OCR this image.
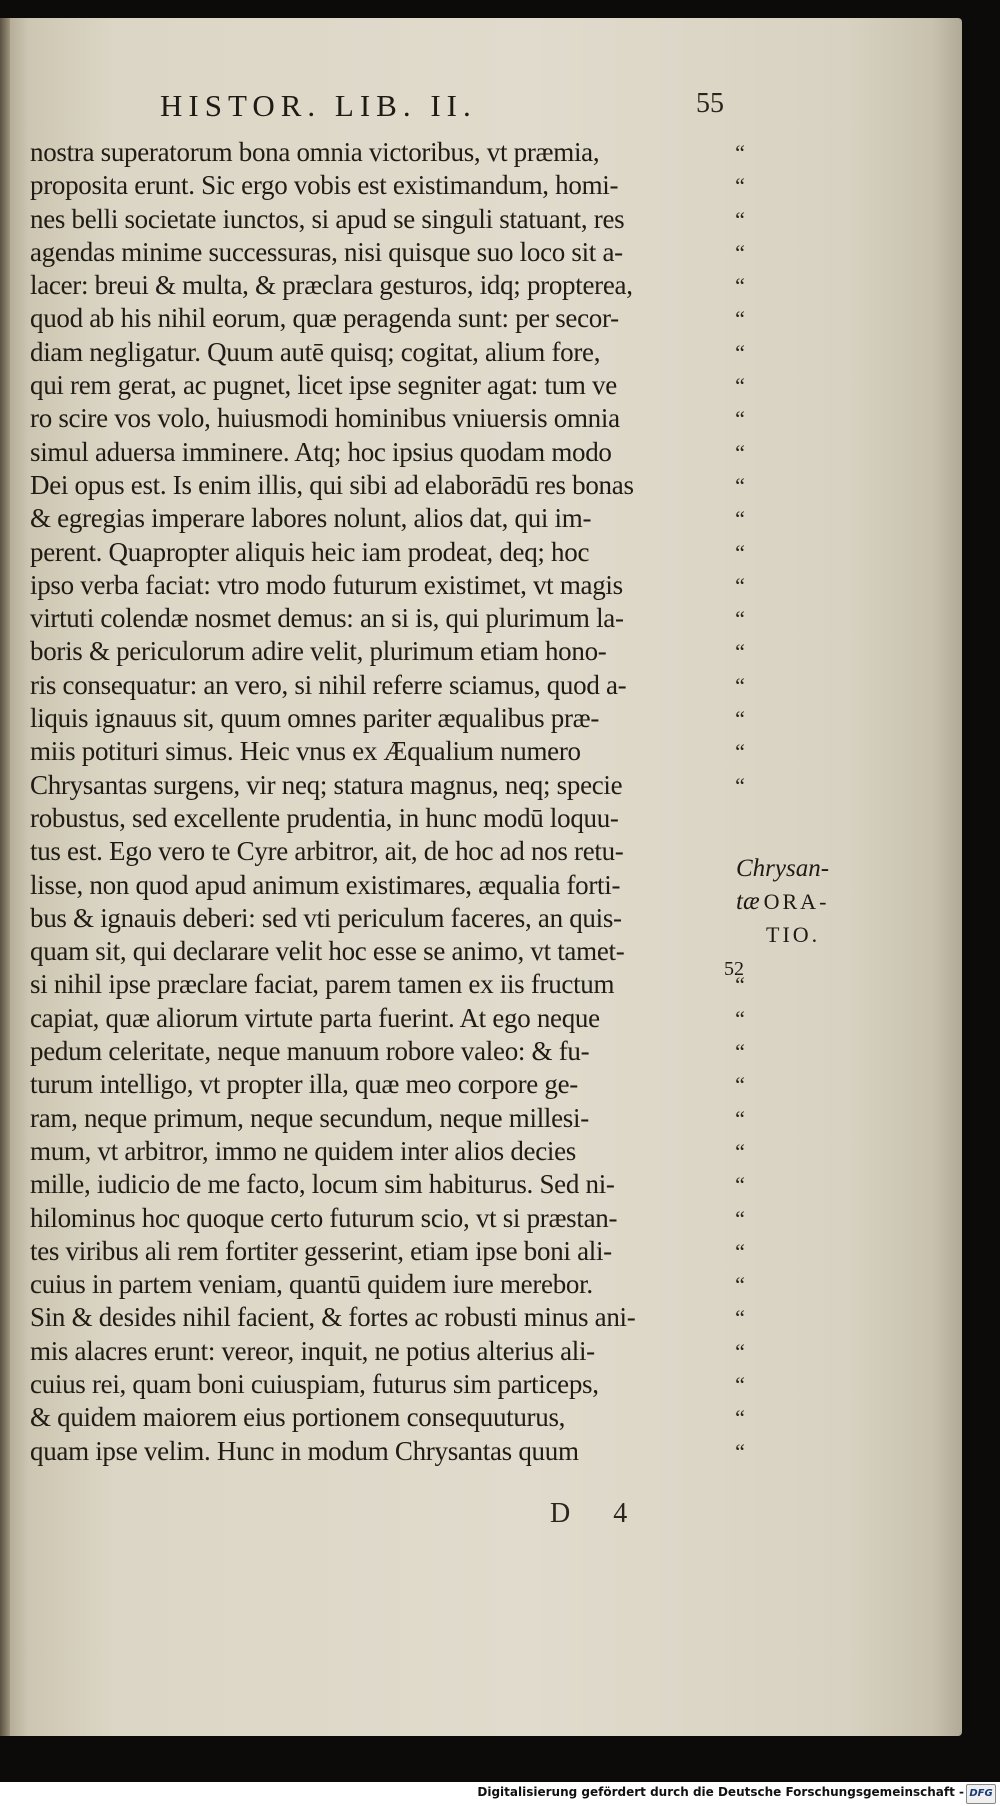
HISTOR. LIB. II.	55
nostra superatorum bona omnia victoribus, vt præmia,
proposita erunt. Sic ergo vobis est existimandum, homi-
nes belli societate iunctos, si apud se singuli statuant, res
agendas minime successuras, nisi quisque suo loco sit a-
lacer: breui & multa, & præclara gesturos, idq; propterea,
quod ab his nihil eorum, quæ peragenda sunt: per secor-
diam negligatur. Quum autē quisq; cogitat, alium fore,
qui rem gerat, ac pugnet, licet ipse segniter agat: tum ve
ro scire vos volo, huiusmodi hominibus vniuersis omnia
simul aduersa imminere. Atq; hoc ipsius quodam modo
Dei opus est. Is enim illis, qui sibi ad elaborādū res bonas
& egregias imperare labores nolunt, alios dat, qui im-
perent. Quapropter aliquis heic iam prodeat, deq; hoc
ipso verba faciat: vtro modo futurum existimet, vt magis
virtuti colendæ nosmet demus: an si is, qui plurimum la-
boris & periculorum adire velit, plurimum etiam hono-
ris consequatur: an vero, si nihil referre sciamus, quod a-
liquis ignauus sit, quum omnes pariter æqualibus præ-
miis potituri simus. Heic vnus ex Æqualium numero
Chrysantas surgens, vir neq; statura magnus, neq; specie
robustus, sed excellente prudentia, in hunc modū loquu-
tus est. Ego vero te Cyre arbitror, ait, de hoc ad nos retu-
lisse, non quod apud animum existimares, æqualia forti-
bus & ignauis deberi: sed vti periculum faceres, an quis-
quam sit, qui declarare velit hoc esse se animo, vt tamet-
si nihil ipse præclare faciat, parem tamen ex iis fructum
capiat, quæ aliorum virtute parta fuerint. At ego neque
pedum celeritate, neque manuum robore valeo: & fu-
turum intelligo, vt propter illa, quæ meo corpore ge-
ram, neque primum, neque secundum, neque millesi-
mum, vt arbitror, immo ne quidem inter alios decies
mille, iudicio de me facto, locum sim habiturus. Sed ni-
hilominus hoc quoque certo futurum scio, vt si præstan-
tes viribus ali rem fortiter gesserint, etiam ipse boni ali-
cuius in partem veniam, quantū quidem iure merebor.
Sin & desides nihil facient, & fortes ac robusti minus ani-
mis alacres erunt: vereor, inquit, ne potius alterius ali-
cuius rei, quam boni cuiuspiam, futurus sim particeps,
& quidem maiorem eius portionem consequuturus,
quam ipse velim. Hunc in modum Chrysantas quum
“
“
“
“
“
“
“
“
“
“
“
“
“
“
“
“
“
“
“
“
“
“
“
“
“
“
“
“
“
“
“
“
“
“
“
Chrysan-
tæ ORA-
TIO.
52
D 4
Digitalisierung gefördert durch die Deutsche Forschungsgemeinschaft - DFG
